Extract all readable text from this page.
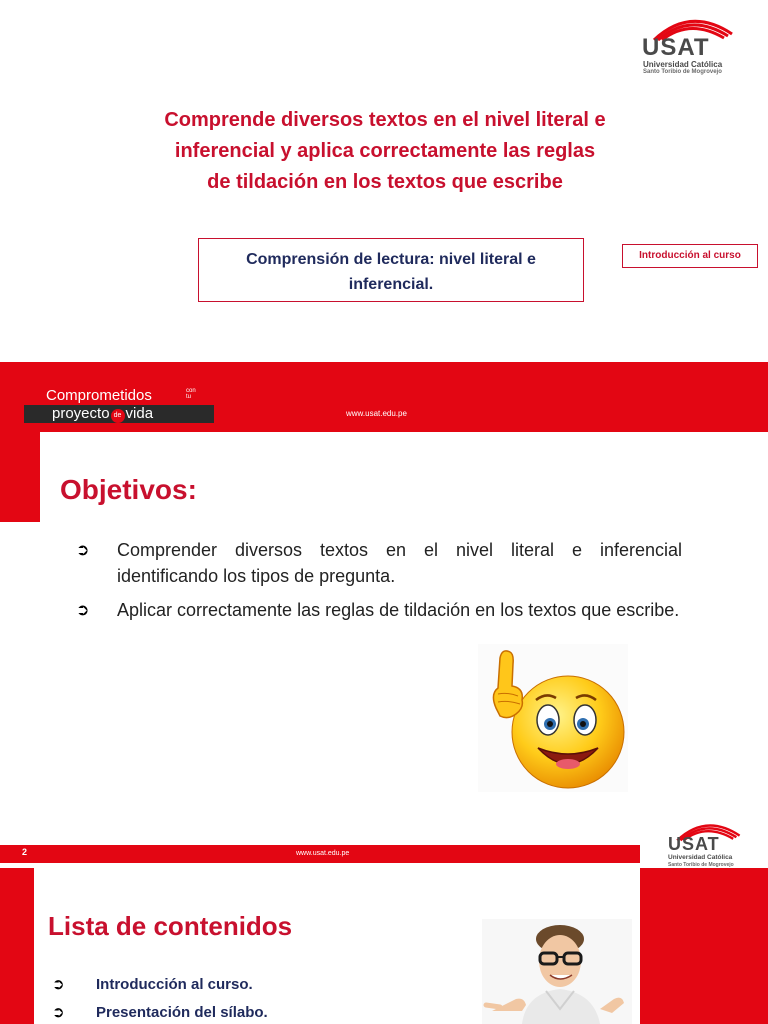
USAT
Universidad Católica
Santo Toribio de Mogrovejo
Comprende diversos textos en el nivel literal e
inferencial y aplica correctamente las reglas
de tildación en los textos que escribe
Comprensión de lectura: nivel literal e
inferencial.
Introducción al curso
Comprometidos	con
tu
proyecto de vida	www.usat.edu.pe
Objetivos:
➲ Comprender diversos textos en el nivel literal e inferencial identificando los tipos de pregunta.
➲ Aplicar correctamente las reglas de tildación en los textos que escribe.
2	www.usat.edu.pe	USAT
Universidad Católica
Santo Toribio de Mogrovejo
Lista de contenidos
➲ Introducción al curso.
➲ Presentación del sílabo.
